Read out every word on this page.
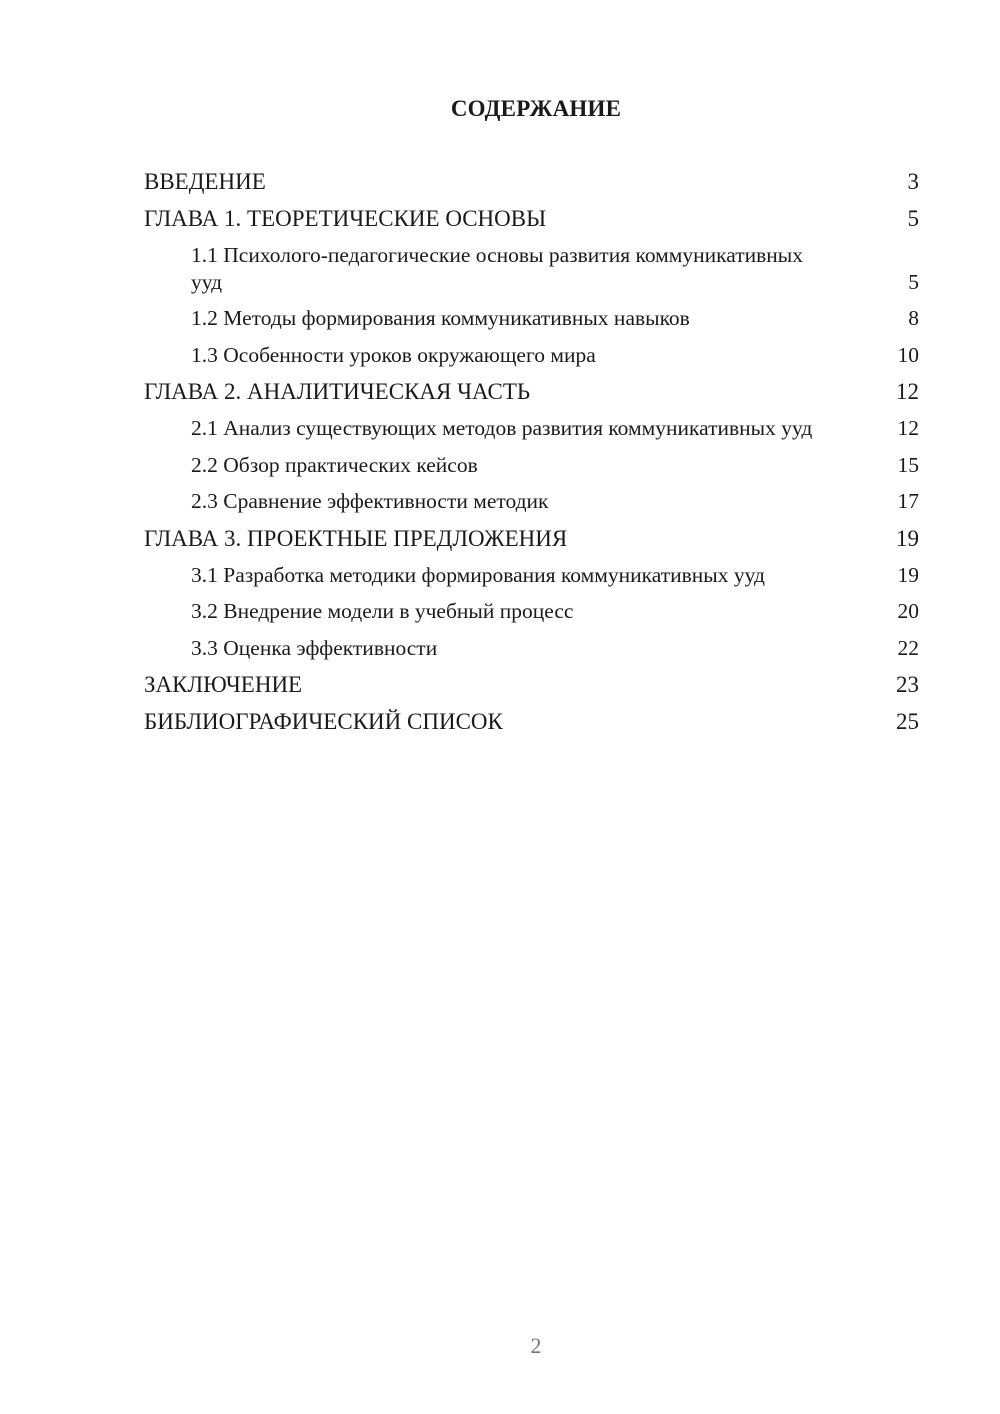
СОДЕРЖАНИЕ
ВВЕДЕНИЕ	3
ГЛАВА 1. ТЕОРЕТИЧЕСКИЕ ОСНОВЫ	5
1.1 Психолого-педагогические основы развития коммуникативных ууд	5
1.2 Методы формирования коммуникативных навыков	8
1.3 Особенности уроков окружающего мира	10
ГЛАВА 2. АНАЛИТИЧЕСКАЯ ЧАСТЬ	12
2.1 Анализ существующих методов развития коммуникативных ууд	12
2.2 Обзор практических кейсов	15
2.3 Сравнение эффективности методик	17
ГЛАВА 3. ПРОЕКТНЫЕ ПРЕДЛОЖЕНИЯ	19
3.1 Разработка методики формирования коммуникативных ууд	19
3.2 Внедрение модели в учебный процесс	20
3.3 Оценка эффективности	22
ЗАКЛЮЧЕНИЕ	23
БИБЛИОГРАФИЧЕСКИЙ СПИСОК	25
2
